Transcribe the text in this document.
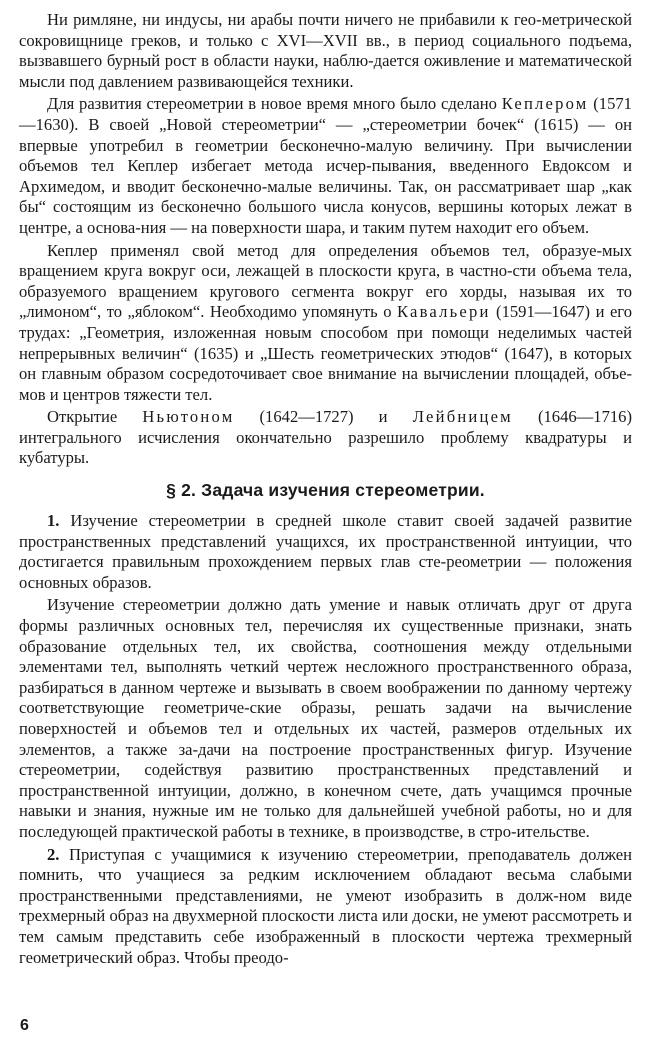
Ни римляне, ни индусы, ни арабы почти ничего не прибавили к гео-метрической сокровищнице греков, и только с XVI—XVII вв., в период социального подъема, вызвавшего бурный рост в области науки, наблю-дается оживление и математической мысли под давлением развивающейся техники.

Для развития стереометрии в новое время много было сделано Кеплером (1571—1630). В своей „Новой стереометрии“ — „стереометрии бочек“ (1615) — он впервые употребил в геометрии бесконечно-малую величину. При вычислении объемов тел Кеплер избегает метода исчер-пывания, введенного Евдоксом и Архимедом, и вводит бесконечно-малые величины. Так, он рассматривает шар „как бы“ состоящим из бесконечно большого числа конусов, вершины которых лежат в центре, а основа-ния — на поверхности шара, и таким путем находит его объем.

Кеплер применял свой метод для определения объемов тел, образуе-мых вращением круга вокруг оси, лежащей в плоскости круга, в частно-сти объема тела, образуемого вращением кругового сегмента вокруг его хорды, называя их то „лимоном“, то „яблоком“. Необходимо упомянуть о Кавальери (1591—1647) и его трудах: „Геометрия, изложенная новым способом при помощи неделимых частей непрерывных величин“ (1635) и „Шесть геометрических этюдов“ (1647), в которых он главным образом сосредоточивает свое внимание на вычислении площадей, объе-мов и центров тяжести тел.

Открытие Ньютоном (1642—1727) и Лейбницем (1646—1716) интегрального исчисления окончательно разрешило проблему квадратуры и кубатуры.

§ 2. Задача изучения стереометрии.

1. Изучение стереометрии в средней школе ставит своей задачей развитие пространственных представлений учащихся, их пространственной интуиции, что достигается правильным прохождением первых глав сте-реометрии — положения основных образов.

Изучение стереометрии должно дать умение и навык отличать друг от друга формы различных основных тел, перечисляя их существенные признаки, знать образование отдельных тел, их свойства, соотношения между отдельными элементами тел, выполнять четкий чертеж несложного пространственного образа, разбираться в данном чертеже и вызывать в своем воображении по данному чертежу соответствующие геометриче-ские образы, решать задачи на вычисление поверхностей и объемов тел и отдельных их частей, размеров отдельных их элементов, а также за-дачи на построение пространственных фигур. Изучение стереометрии, содействуя развитию пространственных представлений и пространственной интуиции, должно, в конечном счете, дать учащимся прочные навыки и знания, нужные им не только для дальнейшей учебной работы, но и для последующей практической работы в технике, в производстве, в стро-ительстве.

2. Приступая с учащимися к изучению стереометрии, преподаватель должен помнить, что учащиеся за редким исключением обладают весьма слабыми пространственными представлениями, не умеют изобразить в долж-ном виде трехмерный образ на двухмерной плоскости листа или доски, не умеют рассмотреть и тем самым представить себе изображенный в плоскости чертежа трехмерный геометрический образ. Чтобы преодо-

6
